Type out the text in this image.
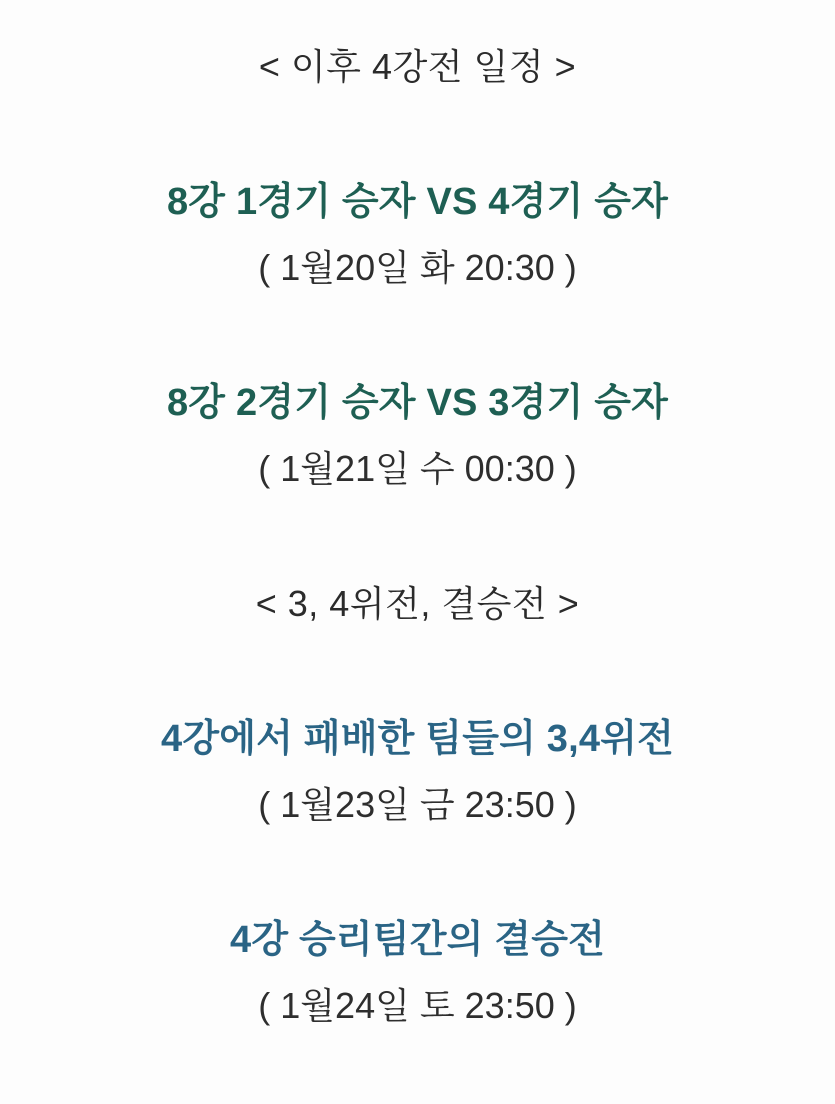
< 이후 4강전 일정 >
8강 1경기 승자 VS 4경기 승자
( 1월20일 화 20:30 )
8강 2경기 승자 VS 3경기 승자
( 1월21일 수 00:30 )
< 3, 4위전, 결승전 >
4강에서 패배한 팀들의 3,4위전
( 1월23일 금 23:50 )
4강 승리팀간의 결승전
( 1월24일 토 23:50 )
